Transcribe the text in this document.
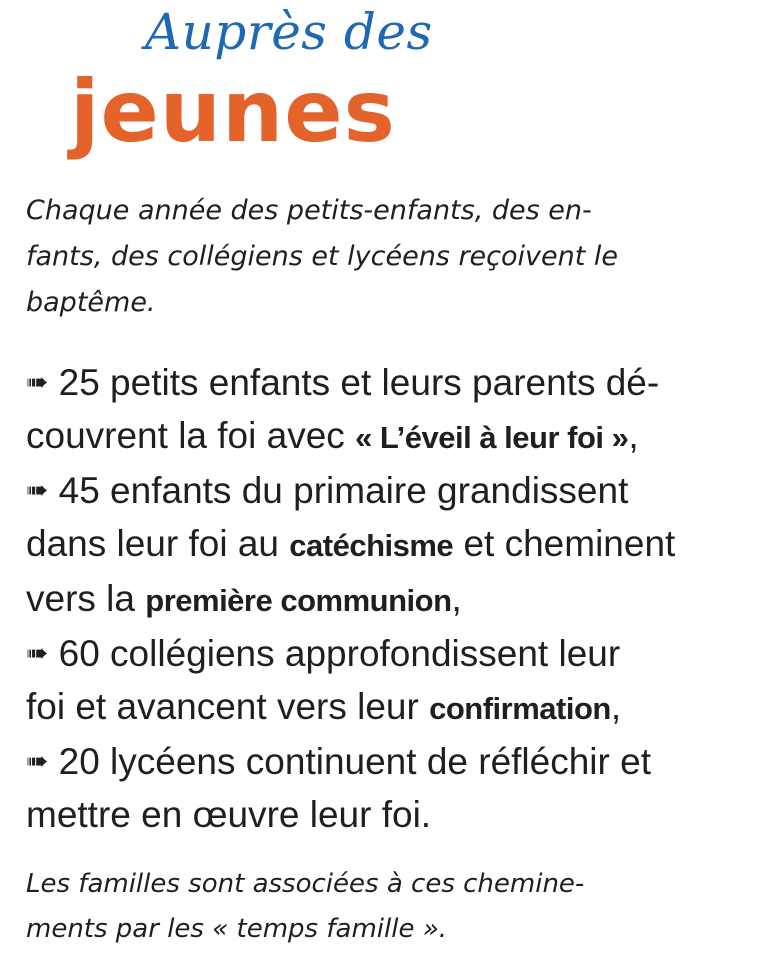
Auprès des
jeunes

Chaque année des petits-enfants, des en-
fants, des collégiens et lycéens reçoivent le
baptême.

➠ 25 petits enfants et leurs parents dé-
couvrent la foi avec « L’éveil à leur foi »,
➠ 45 enfants du primaire grandissent
dans leur foi au catéchisme et cheminent
vers la première communion,
➠ 60 collégiens approfondissent leur
foi et avancent vers leur confirmation,
➠ 20 lycéens continuent de réfléchir et
mettre en œuvre leur foi.

Les familles sont associées à ces chemine-
ments par les « temps famille ».
